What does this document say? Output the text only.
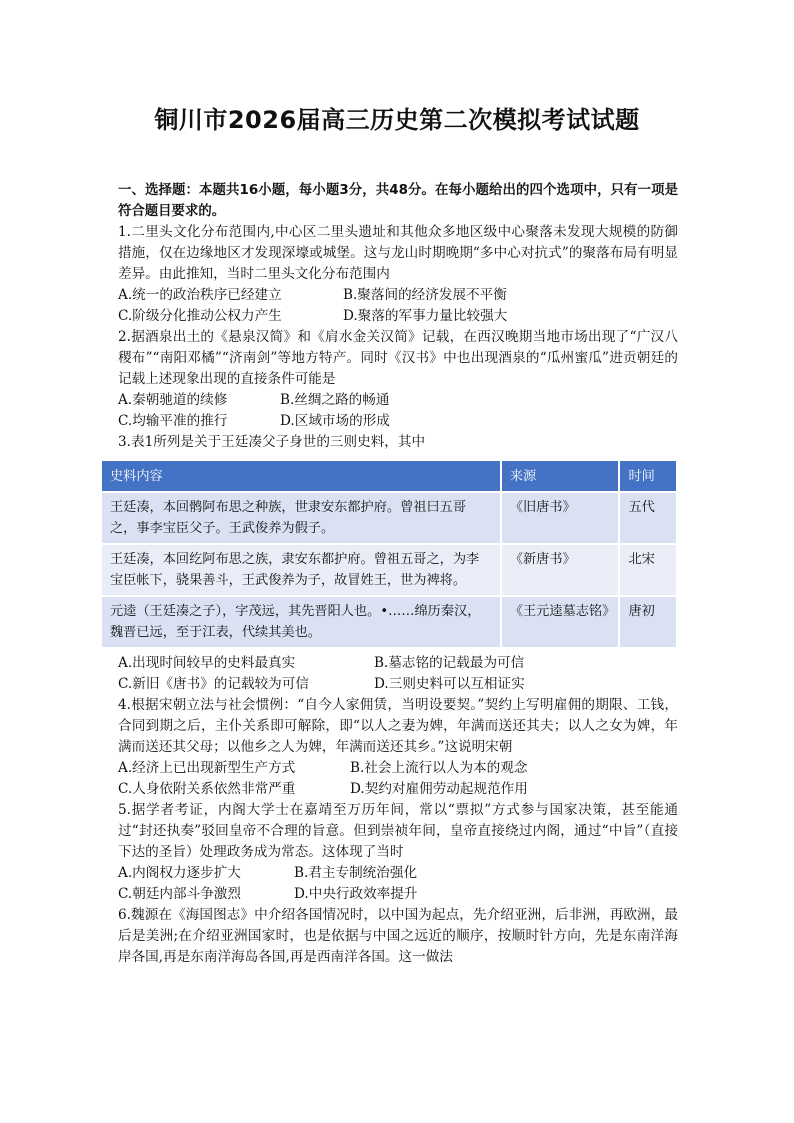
铜川市2026届高三历史第二次模拟考试试题

一、选择题：本题共16小题，每小题3分，共48分。在每小题给出的四个选项中，只有一项是符合题目要求的。

1.二里头文化分布范围内,中心区二里头遗址和其他众多地区级中心聚落未发现大规模的防御措施，仅在边缘地区才发现深壕或城堡。这与龙山时期晚期“多中心对抗式”的聚落布局有明显差异。由此推知，当时二里头文化分布范围内

A.统一的政治秩序已经建立	B.聚落间的经济发展不平衡
C.阶级分化推动公权力产生	D.聚落的军事力量比较强大

2.据酒泉出土的《悬泉汉简》和《肩水金关汉简》记载，在西汉晚期当地市场出现了“广汉八稷布”“南阳邓橘”“济南剑”等地方特产。同时《汉书》中也出现酒泉的“瓜州蜜瓜”进贡朝廷的记载上述现象出现的直接条件可能是

A.秦朝驰道的续修	B.丝绸之路的畅通
C.均输平准的推行	D.区域市场的形成

3.表1所列是关于王廷凑父子身世的三则史料，其中

史料内容	来源	时间
王廷凑，本回鹘阿布思之种族，世隶安东都护府。曾祖曰五哥之，事李宝臣父子。王武俊养为假子。	《旧唐书》	五代
王廷凑，本回纥阿布思之族，隶安东都护府。曾祖五哥之，为李宝臣帐下，骁果善斗，王武俊养为子，故冒姓王，世为裨将。	《新唐书》	北宋
元逵（王廷凑之子），字茂远，其先晋阳人也。•……绵历秦汉，魏晋已远，至于江表，代续其美也。	《王元逵墓志铭》	唐初
A.出现时间较早的史料最真实	B.墓志铭的记载最为可信
C.新旧《唐书》的记载较为可信	D.三则史料可以互相证实

4.根据宋朝立法与社会惯例：“自今人家佣赁，当明设要契。”契约上写明雇佣的期限、工钱，合同到期之后，主仆关系即可解除，即“以人之妻为婢，年满而送还其夫；以人之女为婢，年满而送还其父母；以他乡之人为婢，年满而送还其乡。”这说明宋朝

A.经济上已出现新型生产方式	B.社会上流行以人为本的观念
C.人身依附关系依然非常严重	D.契约对雇佣劳动起规范作用

5.据学者考证，内阁大学士在嘉靖至万历年间，常以“票拟”方式参与国家决策，甚至能通过“封还执奏”驳回皇帝不合理的旨意。但到崇祯年间，皇帝直接绕过内阁，通过“中旨”（直接下达的圣旨）处理政务成为常态。这体现了当时

A.内阁权力逐步扩大	B.君主专制统治强化
C.朝廷内部斗争激烈	D.中央行政效率提升

6.魏源在《海国图志》中介绍各国情况时，以中国为起点，先介绍亚洲，后非洲，再欧洲，最后是美洲;在介绍亚洲国家时，也是依据与中国之远近的顺序，按顺时针方向，先是东南洋海岸各国,再是东南洋海岛各国,再是西南洋各国。这一做法
